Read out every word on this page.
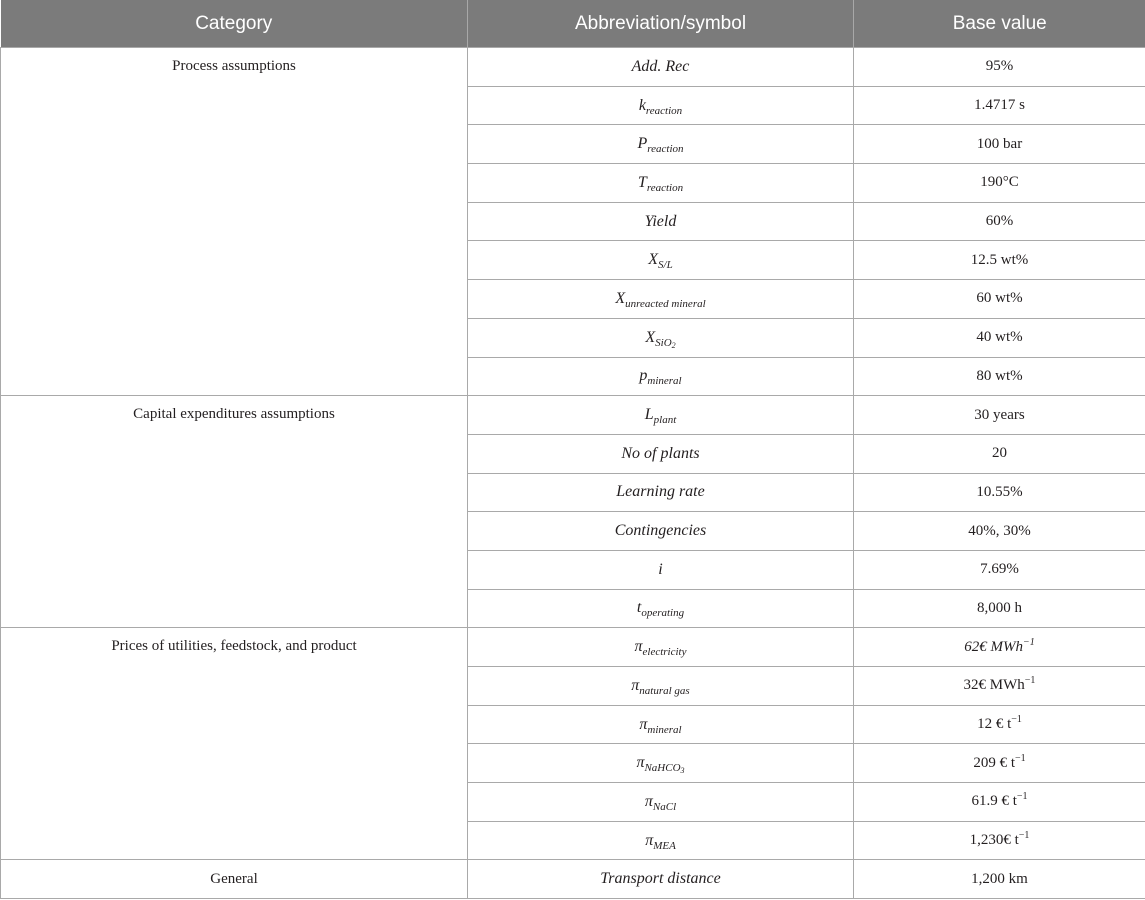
Category	Abbreviation/symbol	Base value
Process assumptions	Add. Rec	95%
	$k_{reaction}$	1.4717 s
	$P_{reaction}$	100 bar
	$T_{reaction}$	190°C
	Yield	60%
	$X_{S/L}$	12.5 wt%
	$X_{unreacted mineral}$	60 wt%
	$X_{SiO2}$	40 wt%
	$p_{mineral}$	80 wt%
Capital expenditures assumptions	$L_{plant}$	30 years
	No of plants	20
	Learning rate	10.55%
	Contingencies	40%, 30%
	i	7.69%
	$t_{operating}$	8,000 h
Prices of utilities, feedstock, and product	$\pi_{electricity}$	62€ MWh$^{-1}$
	$\pi_{natural gas}$	32€ MWh$^{-1}$
	$\pi_{mineral}$	12 € $t^{-1}$
	$\pi_{NaHCO3}$	209 € $t^{-1}$
	$\pi_{NaCl}$	61.9 € $t^{-1}$
	$\pi_{MEA}$	1,230€ $t^{-1}$
General	Transport distance	1,200 km
